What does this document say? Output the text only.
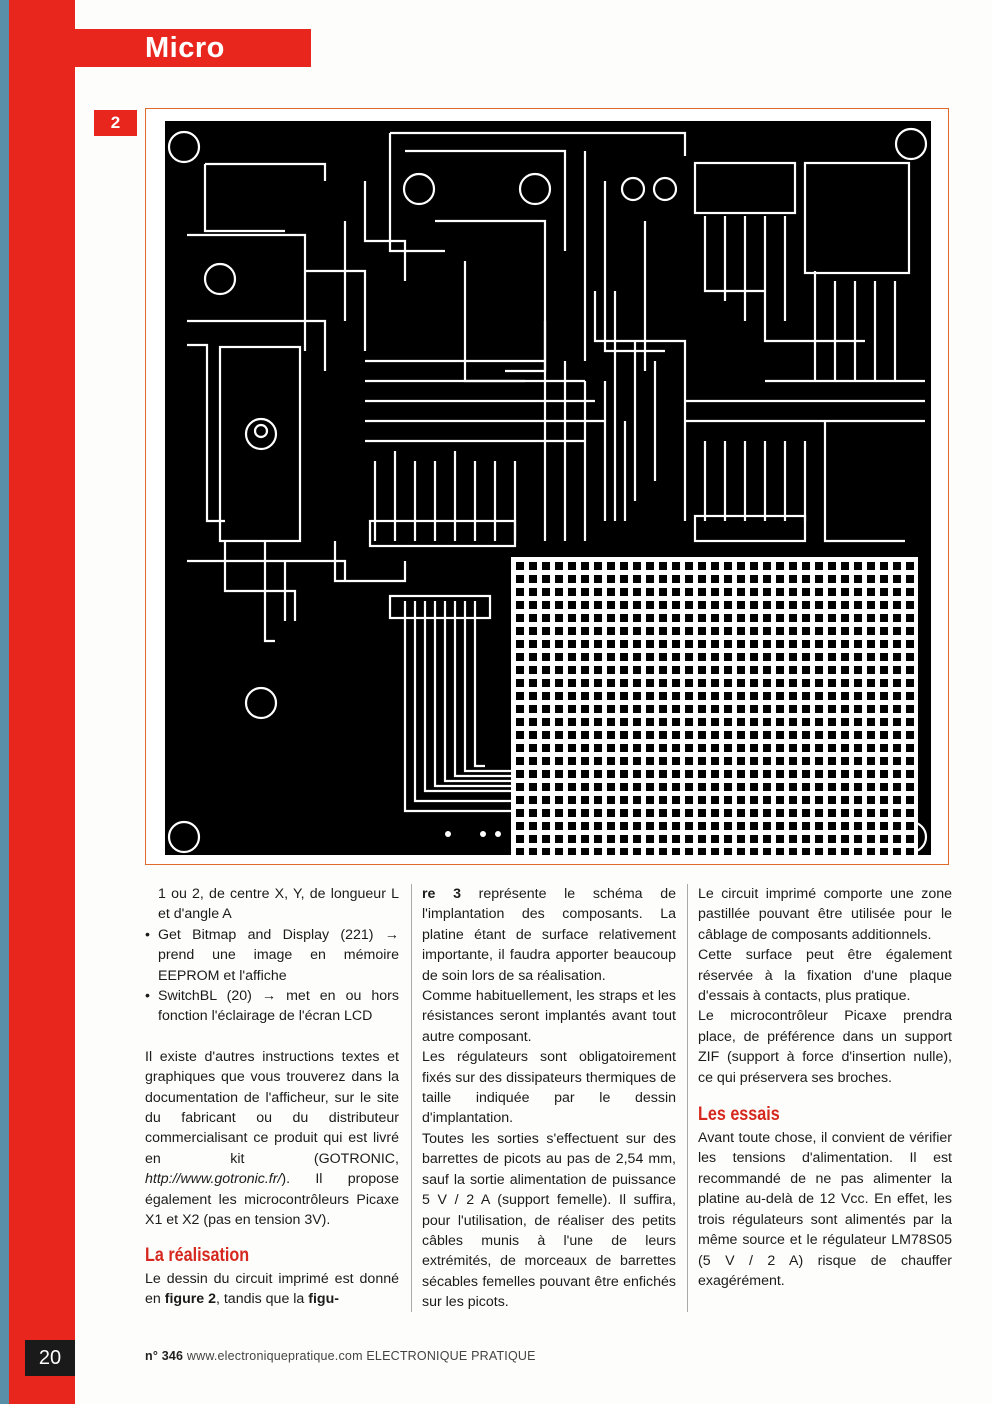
Micro
2

1 ou 2, de centre X, Y, de longueur L et d'angle A

• Get Bitmap and Display (221) → prend une image en mémoire EEPROM et l'affiche

• SwitchBL (20) → met en ou hors fonction l'éclairage de l'écran LCD

Il existe d'autres instructions textes et graphiques que vous trouverez dans la documentation de l'afficheur, sur le site du fabricant ou du distributeur commercialisant ce produit qui est livré en kit (GOTRONIC, http://www.gotronic.fr/). Il propose également les microcontrôleurs Picaxe X1 et X2 (pas en tension 3V).

La réalisation

Le dessin du circuit imprimé est donné en figure 2, tandis que la figu-

re 3 représente le schéma de l'implantation des composants. La platine étant de surface relativement importante, il faudra apporter beaucoup de soin lors de sa réalisation.

Comme habituellement, les straps et les résistances seront implantés avant tout autre composant.

Les régulateurs sont obligatoirement fixés sur des dissipateurs thermiques de taille indiquée par le dessin d'implantation.

Toutes les sorties s'effectuent sur des barrettes de picots au pas de 2,54 mm, sauf la sortie alimentation de puissance 5 V / 2 A (support femelle). Il suffira, pour l'utilisation, de réaliser des petits câbles munis à l'une de leurs extrémités, de morceaux de barrettes sécables femelles pouvant être enfichés sur les picots.

Le circuit imprimé comporte une zone pastillée pouvant être utilisée pour le câblage de composants additionnels.

Cette surface peut être également réservée à la fixation d'une plaque d'essais à contacts, plus pratique.

Le microcontrôleur Picaxe prendra place, de préférence dans un support ZIF (support à force d'insertion nulle), ce qui préservera ses broches.

Les essais

Avant toute chose, il convient de vérifier les tensions d'alimentation. Il est recommandé de ne pas alimenter la platine au-delà de 12 Vcc. En effet, les trois régulateurs sont alimentés par la même source et le régulateur LM78S05 (5 V / 2 A) risque de chauffer exagérément.

n° 346 www.electroniquepratique.com ELECTRONIQUE PRATIQUE
20
